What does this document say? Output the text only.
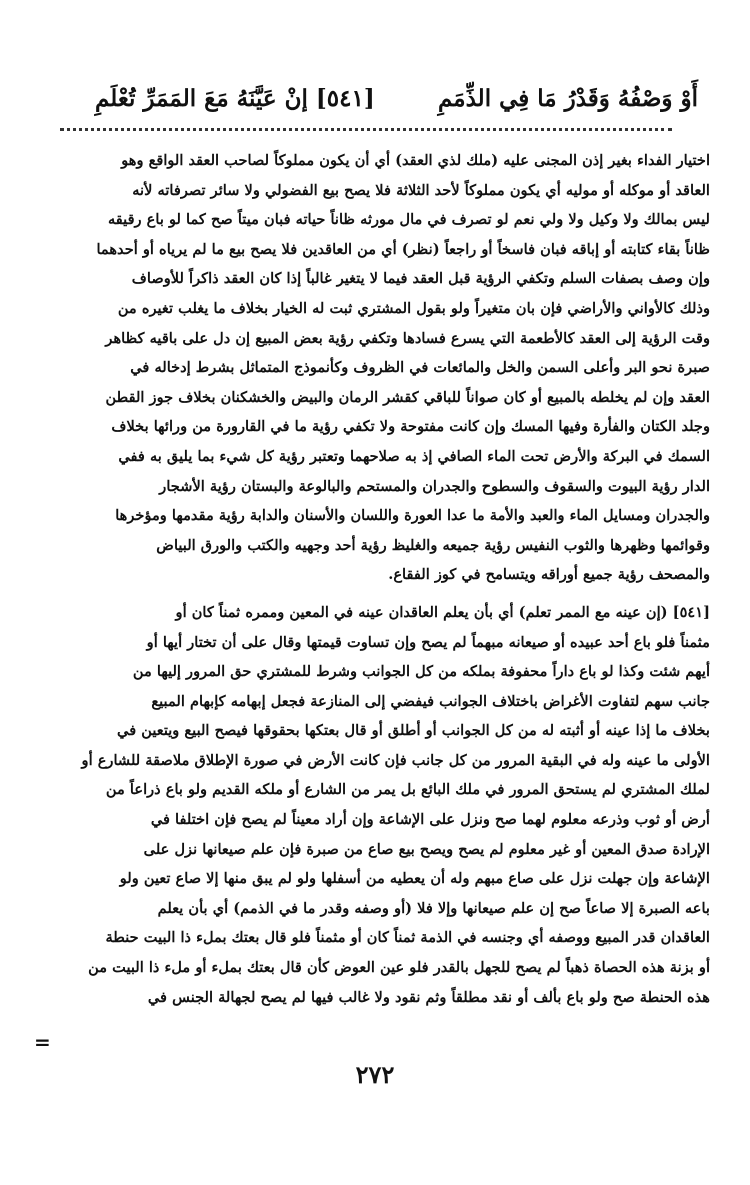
[٥٤١] إنْ عَيَّنَهُ مَعَ المَمَرِّ تُعْلَمِ	أَوْ وَصْفُهُ وَقَدْرُ مَا فِي الذِّمَمِ
اختيار الفداء بغير إذن المجنى عليه (ملك لذي العقد) أي أن يكون مملوكاً لصاحب العقد الواقع وهو
العاقد أو موكله أو موليه أي يكون مملوكاً لأحد الثلاثة فلا يصح بيع الفضولي ولا سائر تصرفاته لأنه
ليس بمالك ولا وكيل ولا ولي نعم لو تصرف في مال مورثه ظاناً حياته فبان ميتاً صح كما لو باع رقيقه
ظاناً بقاء كتابته أو إباقه فبان فاسخاً أو راجعاً (نظر) أي من العاقدين فلا يصح بيع ما لم يرياه أو أحدهما
وإن وصف بصفات السلم وتكفي الرؤية قبل العقد فيما لا يتغير غالباً إذا كان العقد ذاكراً للأوصاف
وذلك كالأواني والأراضي فإن بان متغيراً ولو بقول المشتري ثبت له الخيار بخلاف ما يغلب تغيره من
وقت الرؤية إلى العقد كالأطعمة التي يسرع فسادها وتكفي رؤية بعض المبيع إن دل على باقيه كظاهر
صبرة نحو البر وأعلى السمن والخل والمائعات في الظروف وكأنموذج المتماثل بشرط إدخاله في
العقد وإن لم يخلطه بالمبيع أو كان صواناً للباقي كقشر الرمان والبيض والخشكنان بخلاف جوز القطن
وجلد الكتان والفأرة وفيها المسك وإن كانت مفتوحة ولا تكفي رؤية ما في القارورة من ورائها بخلاف
السمك في البركة والأرض تحت الماء الصافي إذ به صلاحهما وتعتبر رؤية كل شيء بما يليق به ففي
الدار رؤية البيوت والسقوف والسطوح والجدران والمستحم والبالوعة والبستان رؤية الأشجار
والجدران ومسايل الماء والعبد والأمة ما عدا العورة واللسان والأسنان والدابة رؤية مقدمها ومؤخرها
وقوائمها وظهرها والثوب النفيس رؤية جميعه والغليظ رؤية أحد وجهيه والكتب والورق البياض
والمصحف رؤية جميع أوراقه ويتسامح في كوز الفقاع.
[٥٤١] (إن عينه مع الممر تعلم) أي بأن يعلم العاقدان عينه في المعين وممره ثمناً كان أو
مثمناً فلو باع أحد عبيده أو صيعانه مبهماً لم يصح وإن تساوت قيمتها وقال على أن تختار أيها أو
أيهم شئت وكذا لو باع داراً محفوفة بملكه من كل الجوانب وشرط للمشتري حق المرور إليها من
جانب سهم لتفاوت الأغراض باختلاف الجوانب فيفضي إلى المنازعة فجعل إبهامه كإبهام المبيع
بخلاف ما إذا عينه أو أثبته له من كل الجوانب أو أطلق أو قال بعتكها بحقوقها فيصح البيع ويتعين في
الأولى ما عينه وله في البقية المرور من كل جانب فإن كانت الأرض في صورة الإطلاق ملاصقة للشارع أو
لملك المشتري لم يستحق المرور في ملك البائع بل يمر من الشارع أو ملكه القديم ولو باع ذراعاً من
أرض أو ثوب وذرعه معلوم لهما صح ونزل على الإشاعة وإن أراد معيناً لم يصح فإن اختلفا في
الإرادة صدق المعين أو غير معلوم لم يصح ويصح بيع صاع من صبرة فإن علم صيعانها نزل على
الإشاعة وإن جهلت نزل على صاع مبهم وله أن يعطيه من أسفلها ولو لم يبق منها إلا صاع تعين ولو
باعه الصبرة إلا صاعاً صح إن علم صيعانها وإلا فلا (أو وصفه وقدر ما في الذمم) أي بأن يعلم
العاقدان قدر المبيع ووصفه أي وجنسه في الذمة ثمناً كان أو مثمناً فلو قال بعتك بملء ذا البيت حنطة
أو بزنة هذه الحصاة ذهباً لم يصح للجهل بالقدر فلو عين العوض كأن قال بعتك بملء أو ملء ذا البيت من
هذه الحنطة صح ولو باع بألف أو نقد مطلقاً وثم نقود ولا غالب فيها لم يصح لجهالة الجنس في
=
٢٧٢
